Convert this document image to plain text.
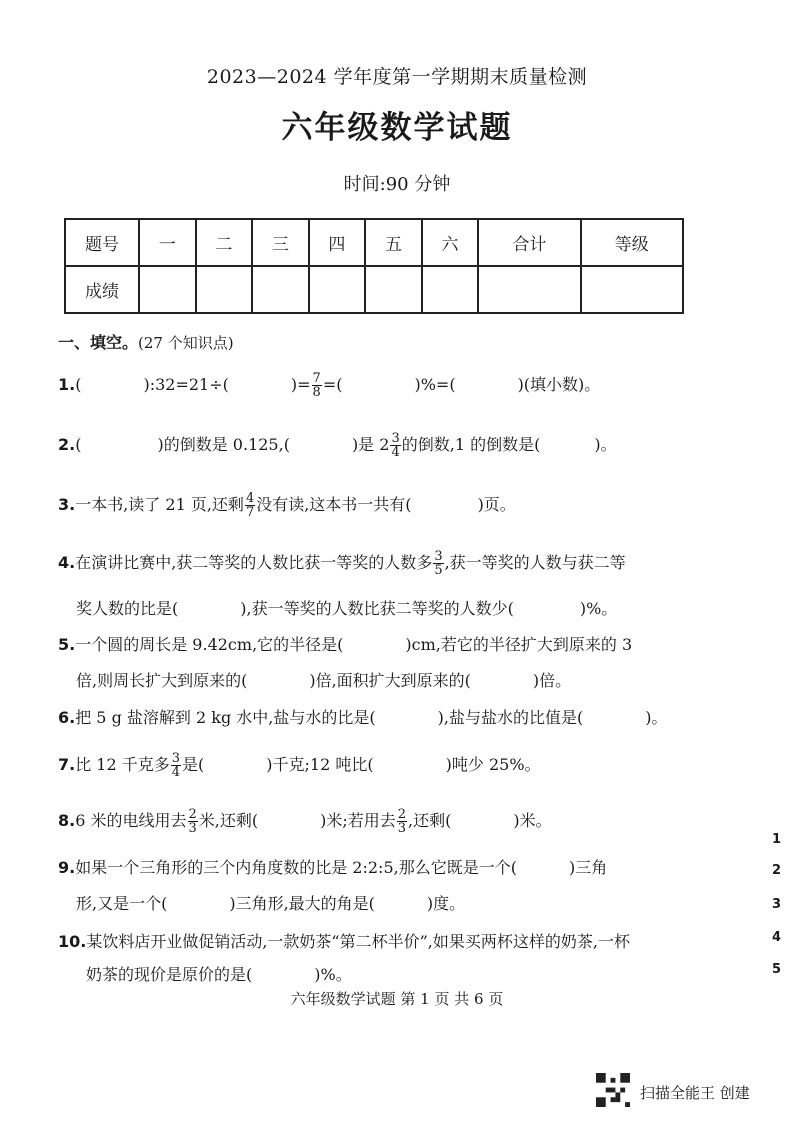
2023—2024 学年度第一学期期末质量检测
六年级数学试题
时间:90 分钟
题号	一	二	三	四	五	六	合计	等级
成绩								
一、填空。(27 个知识点)
1.(	):32=21÷(	)= $\frac{7}{8}$ =(	)%=(	)(填小数)。
2.(	)的倒数是 0.125,(	)是 $2 \frac{3}{4}$ 的倒数,1 的倒数是(	)。
3.一本书,读了 21 页,还剩 $\frac{4}{7}$ 没有读,这本书一共有(	)页。
4.在演讲比赛中,获二等奖的人数比获一等奖的人数多 $\frac{3}{5}$ ,获一等奖的人数与获二等
奖人数的比是(	),获一等奖的人数比获二等奖的人数少(	)%。
5.一个圆的周长是 9.42cm,它的半径是(	)cm,若它的半径扩大到原来的 3
倍,则周长扩大到原来的(	)倍,面积扩大到原来的(	)倍。
6.把 5 g 盐溶解到 2 kg 水中,盐与水的比是(	),盐与盐水的比值是(	)。
7.比 12 千克多 $\frac{3}{4}$ 是(	)千克;12 吨比(	)吨少 25%。
8.6 米的电线用去 $\frac{2}{3}$ 米,还剩(	)米;若用去 $\frac{2}{3}$ ,还剩(	)米。
9.如果一个三角形的三个内角度数的比是 2:2:5,那么它既是一个(	)三角
形,又是一个(	)三角形,最大的角是(	)度。
10.某饮料店开业做促销活动,一款奶茶“第二杯半价”,如果买两杯这样的奶茶,一杯
奶茶的现价是原价的是(	)%。
六年级数学试题 第 1 页 共 6 页
1
2
3
4
5
扫描全能王 创建
